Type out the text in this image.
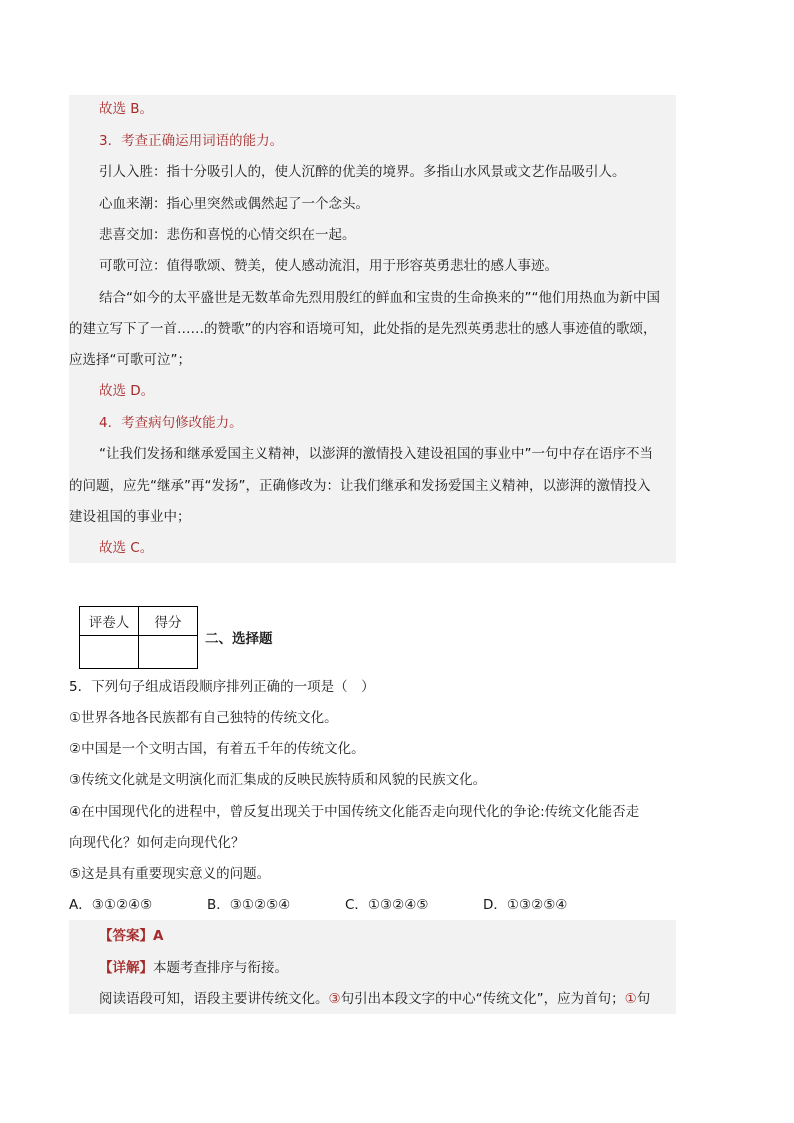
故选 B。
3．考查正确运用词语的能力。
引人入胜：指十分吸引人的，使人沉醉的优美的境界。多指山水风景或文艺作品吸引人。
心血来潮：指心里突然或偶然起了一个念头。
悲喜交加：悲伤和喜悦的心情交织在一起。
可歌可泣：值得歌颂、赞美，使人感动流泪，用于形容英勇悲壮的感人事迹。
结合“如今的太平盛世是无数革命先烈用殷红的鲜血和宝贵的生命换来的”“他们用热血为新中国
的建立写下了一首……的赞歌”的内容和语境可知，此处指的是先烈英勇悲壮的感人事迹值的歌颂，
应选择“可歌可泣”；
故选 D。
4．考查病句修改能力。
“让我们发扬和继承爱国主义精神，以澎湃的激情投入建设祖国的事业中”一句中存在语序不当
的问题，应先“继承”再“发扬”，正确修改为：让我们继承和发扬爱国主义精神，以澎湃的激情投入
建设祖国的事业中；
故选 C。
评卷人	得分

二、选择题
5．下列句子组成语段顺序排列正确的一项是（　）
①世界各地各民族都有自己独特的传统文化。
②中国是一个文明古国，有着五千年的传统文化。
③传统文化就是文明演化而汇集成的反映民族特质和风貌的民族文化。
④在中国现代化的进程中，曾反复出现关于中国传统文化能否走向现代化的争论:传统文化能否走
向现代化？如何走向现代化？
⑤这是具有重要现实意义的问题。
A．③①②④⑤	B．③①②⑤④	C．①③②④⑤	D．①③②⑤④
【答案】A
【详解】本题考查排序与衔接。
阅读语段可知，语段主要讲传统文化。③句引出本段文字的中心“传统文化”，应为首句；①句
